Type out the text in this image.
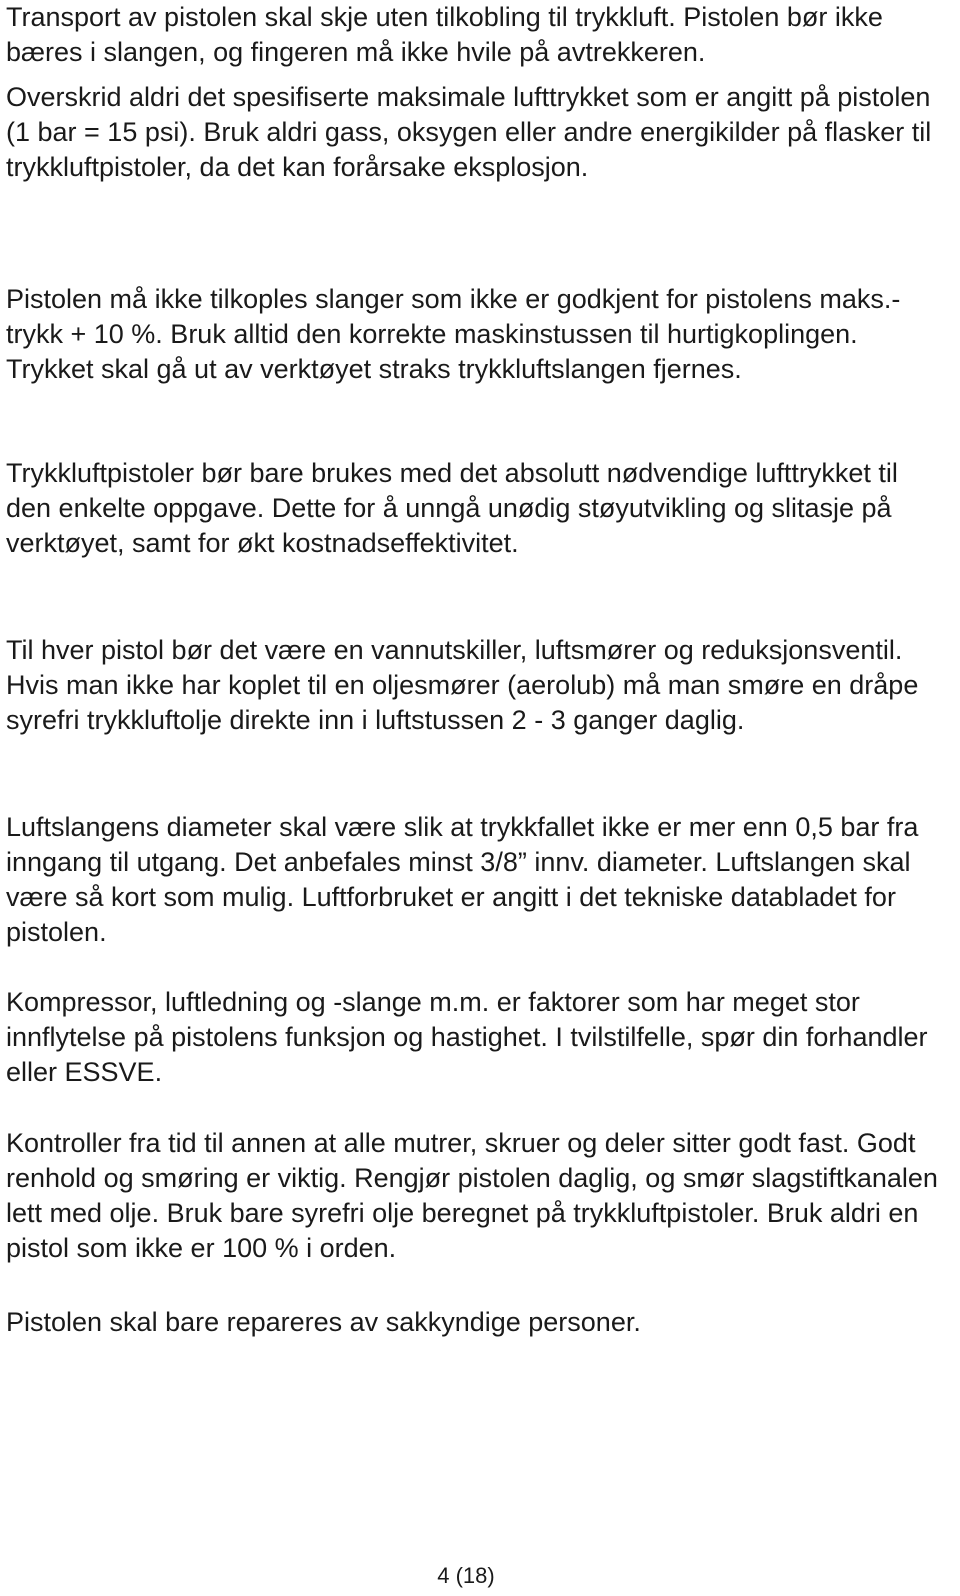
Transport av pistolen skal skje uten tilkobling til trykkluft. Pistolen bør ikke bæres i slangen, og fingeren må ikke hvile på avtrekkeren.

Overskrid aldri det spesifiserte maksimale lufttrykket som er angitt på pistolen (1 bar = 15 psi). Bruk aldri gass, oksygen eller andre energikilder på flasker til trykkluftpistoler, da det kan forårsake eksplosjon.

Pistolen må ikke tilkoples slanger som ikke er godkjent for pistolens maks.-trykk + 10 %. Bruk alltid den korrekte maskinstussen til hurtigkoplingen. Trykket skal gå ut av verktøyet straks trykkluftslangen fjernes.

Trykkluftpistoler bør bare brukes med det absolutt nødvendige lufttrykket til den enkelte oppgave. Dette for å unngå unødig støyutvikling og slitasje på verktøyet, samt for økt kostnadseffektivitet.

Til hver pistol bør det være en vannutskiller, luftsmører og reduksjonsventil. Hvis man ikke har koplet til en oljesmører (aerolub) må man smøre en dråpe syrefri trykkluftolje direkte inn i luftstussen 2 - 3 ganger daglig.

Luftslangens diameter skal være slik at trykkfallet ikke er mer enn 0,5 bar fra inngang til utgang. Det anbefales minst 3/8” innv. diameter. Luftslangen skal være så kort som mulig. Luftforbruket er angitt i det tekniske databladet for pistolen.

Kompressor, luftledning og -slange m.m. er faktorer som har meget stor innflytelse på pistolens funksjon og hastighet. I tvilstilfelle, spør din forhandler eller ESSVE.

Kontroller fra tid til annen at alle mutrer, skruer og deler sitter godt fast. Godt renhold og smøring er viktig. Rengjør pistolen daglig, og smør slagstiftkanalen lett med olje. Bruk bare syrefri olje beregnet på trykkluftpistoler. Bruk aldri en pistol som ikke er 100 % i orden.

Pistolen skal bare repareres av sakkyndige personer.

4 (18)
